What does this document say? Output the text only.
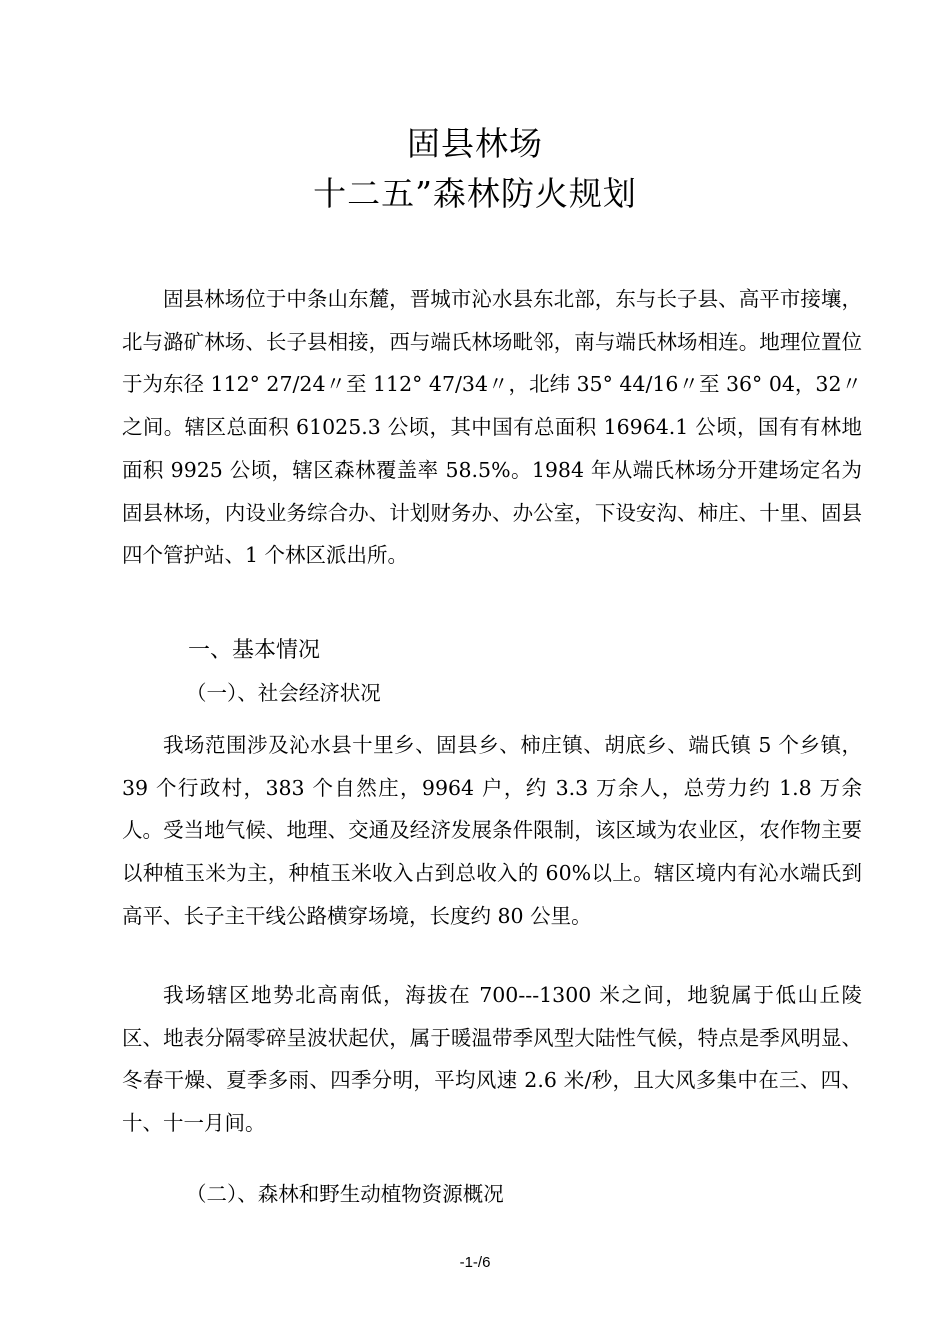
固县林场
十二五”森林防火规划

固县林场位于中条山东麓，晋城市沁水县东北部，东与长子县、高平市接壤，北与潞矿林场、长子县相接，西与端氏林场毗邻，南与端氏林场相连。地理位置位于为东径 112° 27/24〃至 112° 47/34〃，北纬 35° 44/16〃至 36° 04，32〃之间。辖区总面积 61025.3 公顷，其中国有总面积 16964.1 公顷，国有有林地面积 9925 公顷，辖区森林覆盖率 58.5%。1984 年从端氏林场分开建场定名为固县林场，内设业务综合办、计划财务办、办公室，下设安沟、柿庄、十里、固县四个管护站、1 个林区派出所。

一、基本情况
（一）、社会经济状况

我场范围涉及沁水县十里乡、固县乡、柿庄镇、胡底乡、端氏镇 5 个乡镇，39 个行政村，383 个自然庄，9964 户，约 3.3 万余人，总劳力约 1.8 万余人。受当地气候、地理、交通及经济发展条件限制，该区域为农业区，农作物主要以种植玉米为主，种植玉米收入占到总收入的 60%以上。辖区境内有沁水端氏到高平、长子主干线公路横穿场境，长度约 80 公里。

我场辖区地势北高南低，海拔在 700---1300 米之间，地貌属于低山丘陵区、地表分隔零碎呈波状起伏，属于暖温带季风型大陆性气候，特点是季风明显、冬春干燥、夏季多雨、四季分明，平均风速 2.6 米/秒，且大风多集中在三、四、十、十一月间。

（二）、森林和野生动植物资源概况
-1-/6
